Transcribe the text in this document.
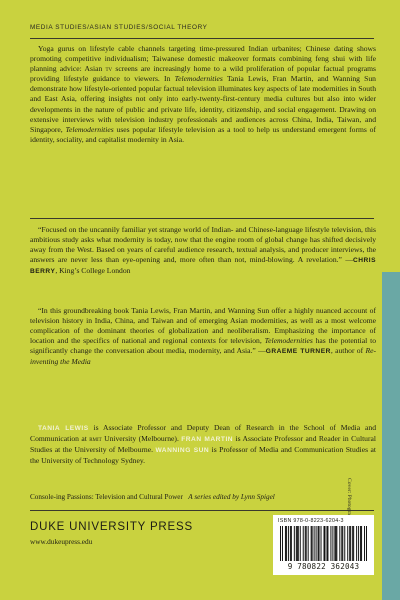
MEDIA STUDIES/ASIAN STUDIES/SOCIAL THEORY

Yoga gurus on lifestyle cable channels targeting time-pressured Indian urbanites; Chinese dating shows promoting competitive individualism; Taiwanese domestic makeover formats combining feng shui with life planning advice: Asian tv screens are increasingly home to a wild proliferation of popular factual programs providing lifestyle guidance to viewers. In Telemodernities Tania Lewis, Fran Martin, and Wanning Sun demonstrate how lifestyle-oriented popular factual television illuminates key aspects of late modernities in South and East Asia, offering insights not only into early-twenty-first-century media cultures but also into wider developments in the nature of public and private life, identity, citizenship, and social engagement. Drawing on extensive interviews with television industry professionals and audiences across China, India, Taiwan, and Singapore, Telemodernities uses popular lifestyle television as a tool to help us understand emergent forms of identity, sociality, and capitalist modernity in Asia.

“Focused on the uncannily familiar yet strange world of Indian- and Chinese-language lifestyle television, this ambitious study asks what modernity is today, now that the engine room of global change has shifted decisively away from the West. Based on years of careful audience research, textual analysis, and producer interviews, the answers are never less than eye-opening and, more often than not, mind-blowing. A revelation.” —CHRIS BERRY, King’s College London

“In this groundbreaking book Tania Lewis, Fran Martin, and Wanning Sun offer a highly nuanced account of television history in India, China, and Taiwan and of emerging Asian modernities, as well as a most welcome complication of the dominant theories of globalization and neoliberalism. Emphasizing the importance of location and the specifics of national and regional contexts for television, Telemodernities has the potential to significantly change the conversation about media, modernity, and Asia.” —GRAEME TURNER, author of Re-inventing the Media

TANIA LEWIS is Associate Professor and Deputy Dean of Research in the School of Media and Communication at rmit University (Melbourne). FRAN MARTIN is Associate Professor and Reader in Cultural Studies at the University of Melbourne. WANNING SUN is Professor of Media and Communication Studies at the University of Technology Sydney.

Console-ing Passions: Television and Cultural Power A series edited by Lynn Spigel
DUKE UNIVERSITY PRESS
www.dukeupress.edu
ISBN 978-0-8223-6204-3
9 780822 362043
